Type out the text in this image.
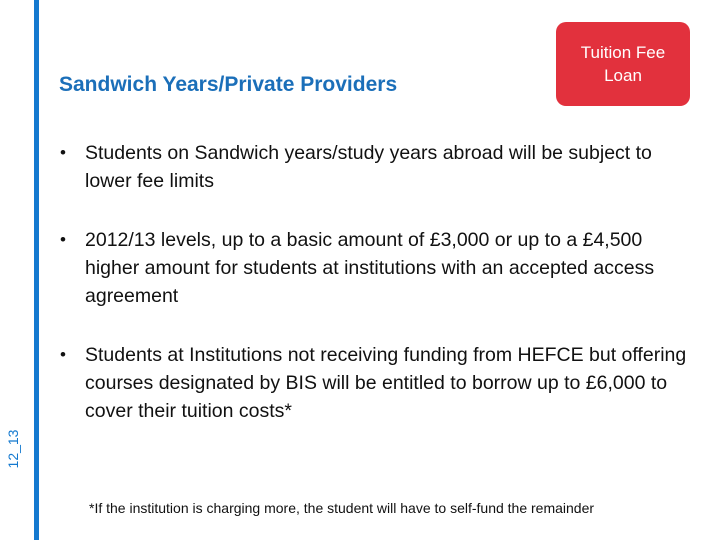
12_13
Sandwich Years/Private Providers
Tuition Fee Loan
• Students on Sandwich years/study years abroad will be subject to lower fee limits
• 2012/13 levels, up to a basic amount of £3,000 or up to a £4,500 higher amount for students at institutions with an accepted access agreement
• Students at Institutions not receiving funding from HEFCE but offering courses designated by BIS will be entitled to borrow up to £6,000 to cover their tuition costs*
*If the institution is charging more, the student will have to self-fund the remainder
